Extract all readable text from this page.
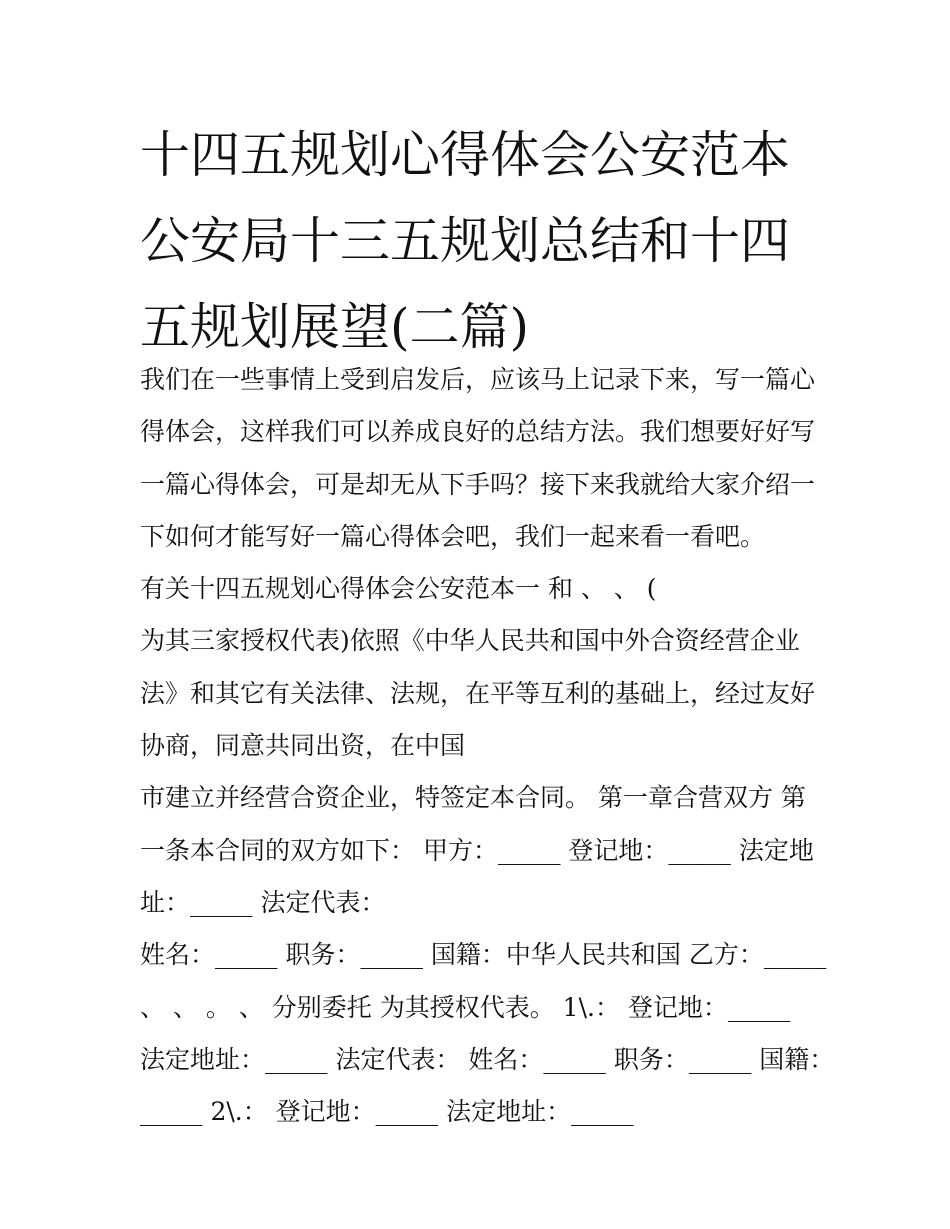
十四五规划心得体会公安范本
公安局十三五规划总结和十四
五规划展望(二篇)
我们在一些事情上受到启发后，应该马上记录下来，写一篇心
得体会，这样我们可以养成良好的总结方法。我们想要好好写
一篇心得体会，可是却无从下手吗？接下来我就给大家介绍一
下如何才能写好一篇心得体会吧，我们一起来看一看吧。
有关十四五规划心得体会公安范本一 和 、 、 (
为其三家授权代表)依照《中华人民共和国中外合资经营企业
法》和其它有关法律、法规，在平等互利的基础上，经过友好
协商，同意共同出资，在中国
市建立并经营合资企业，特签定本合同。 第一章合营双方 第
一条本合同的双方如下： 甲方：_____ 登记地：_____ 法定地
址：_____ 法定代表：
姓名：_____ 职务：_____ 国籍：中华人民共和国 乙方：_____
、 、 。 、 分别委托 为其授权代表。 1\.： 登记地：_____
法定地址：_____ 法定代表： 姓名：_____ 职务：_____ 国籍：
_____ 2\.： 登记地：_____ 法定地址：_____
